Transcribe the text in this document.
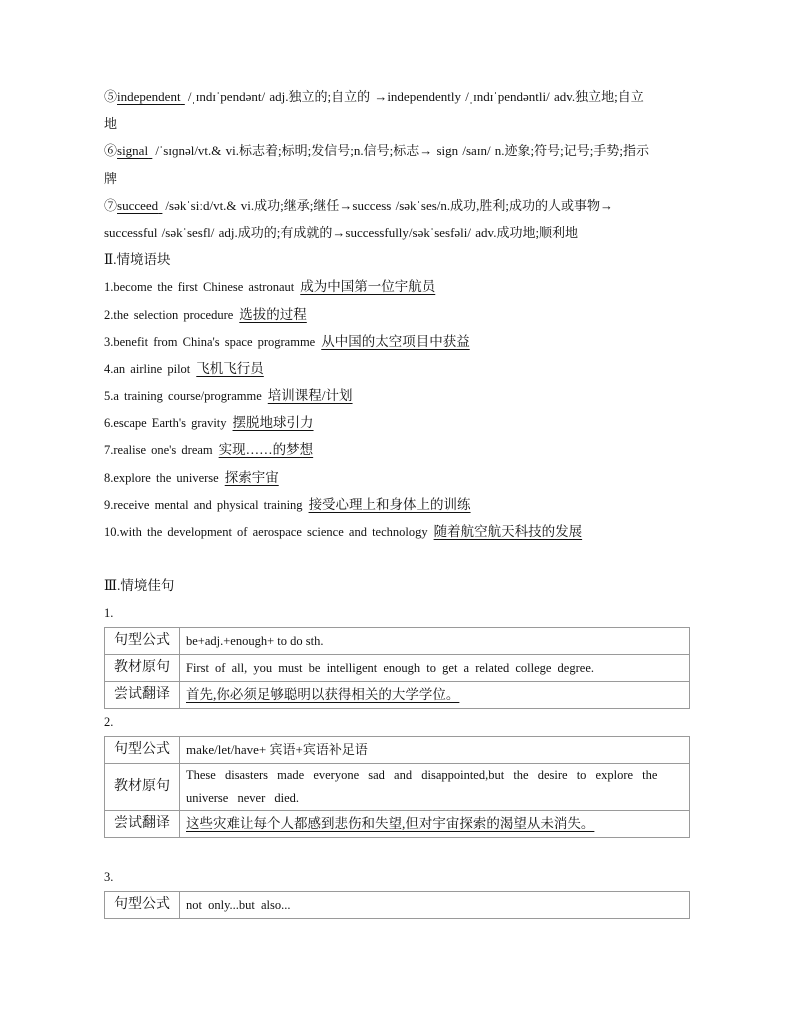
⑤independent /ˌɪndɪˈpendənt/ adj.独立的;自立的 →independently /ˌɪndɪˈpendəntli/ adv.独立地;自立
地
⑥signal /ˈsɪɡnəl/vt.& vi.标志着;标明;发信号;n.信号;标志→ sign /saɪn/ n.迹象;符号;记号;手势;指示
牌
⑦succeed /səkˈsiːd/vt.& vi.成功;继承;继任→success /səkˈses/n.成功,胜利;成功的人或事物→
successful /səkˈsesfl/ adj.成功的;有成就的→successfully/səkˈsesfəli/ adv.成功地;顺利地
Ⅱ.情境语块
1.become the first Chinese astronaut 成为中国第一位宇航员
2.the selection procedure 选拔的过程
3.benefit from China's space programme 从中国的太空项目中获益
4.an airline pilot 飞机飞行员
5.a training course/programme 培训课程/计划
6.escape Earth's gravity 摆脱地球引力
7.realise one's dream 实现……的梦想
8.explore the universe 探索宇宙
9.receive mental and physical training 接受心理上和身体上的训练
10.with the development of aerospace science and technology 随着航空航天科技的发展
Ⅲ.情境佳句
1.
句型公式	be+adj.+enough+ to do sth.
教材原句	First of all, you must be intelligent enough to get a related college degree.
尝试翻译	首先,你必须足够聪明以获得相关的大学学位。
2.
句型公式	make/let/have+ 宾语+宾语补足语
教材原句	These disasters made everyone sad and disappointed,but the desire to explore the universe never died.
尝试翻译	这些灾难让每个人都感到悲伤和失望,但对宇宙探索的渴望从未消失。
3.
句型公式	not only...but also...
